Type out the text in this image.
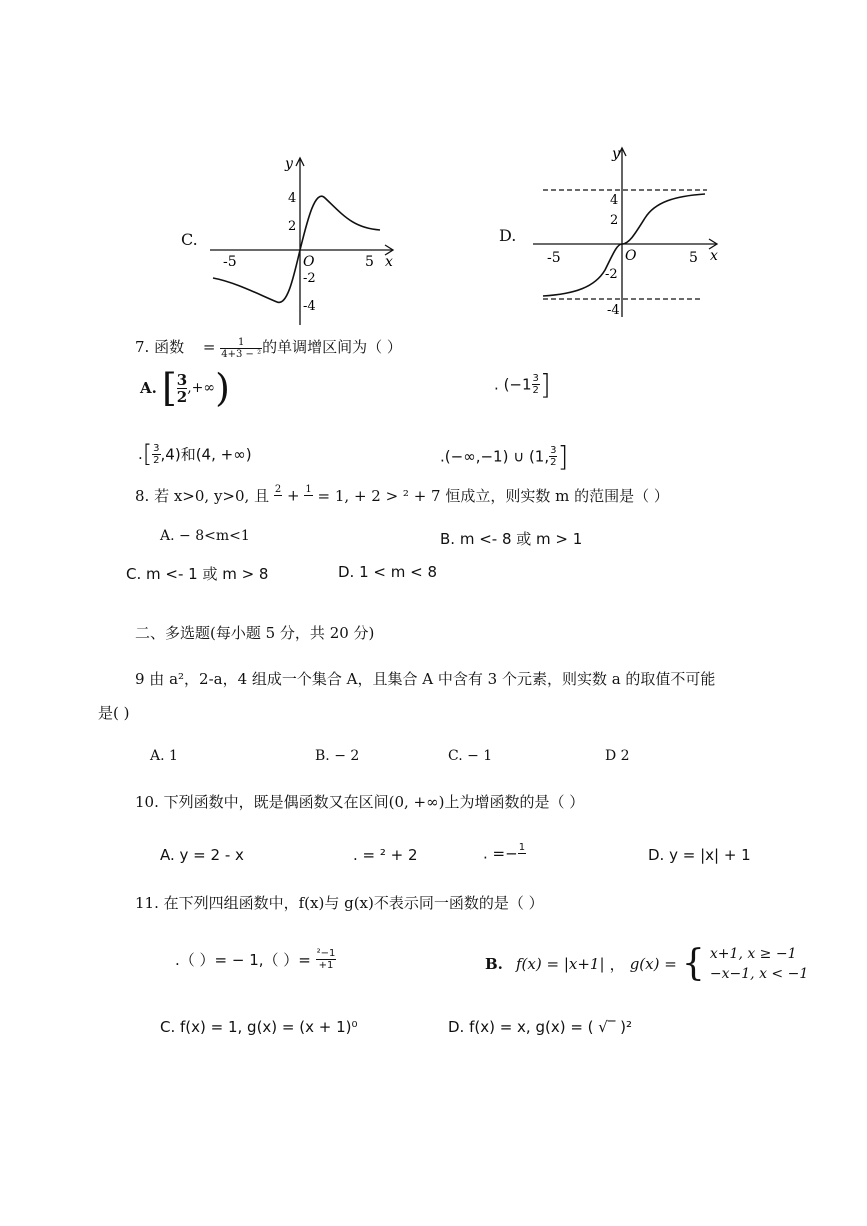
C.
-5	5 x
y
O
4
2
-2
-4
D.
-5	5 x
y
O
4
2
-2
-4
7. 函数 = $\frac{1}{\text{4+3 − ²}}$ 的单调增区间为（ ）
A. [ $\frac{3}{2}$ ,+∞)	. ($-1 \frac{3}{2}$ ]
.[ $\frac{3}{2} ,4$)和(4, +∞)	.(−∞,−1) ∪ (1, $\frac{3}{2}$ ]
8. 若 x>0, y>0, 且 2 + 1 = 1, + 2 > ² + 7 恒成立，则实数 m 的范围是（ ）
A. − 8<m<1	B. m <- 8 或 m > 1
C. m <- 1 或 m > 8	D. 1 < m < 8
二、多选题(每小题 5 分，共 20 分)
9 由 a²，2-a，4 组成一个集合 A，且集合 A 中含有 3 个元素，则实数 a 的取值不可能
是( )
A. 1	B. − 2	C. − 1	D 2
10. 下列函数中，既是偶函数又在区间(0, +∞)上为增函数的是（ ）
A. y = 2 - x	. = ² + 2	. =− 1	D. y = |x| + 1
11. 在下列四组函数中，f(x)与 g(x)不表示同一函数的是（ ）
.（ ）= − 1,（ ）= $\frac{\text{²−1}}{+1}$	B. f(x) = |x+1| ， g(x) = { x+1, x ≥ −1
−x−1, x < −1
C. f(x) = 1, g(x) = (x + 1)⁰	D. f(x) = x, g(x) = ( √‾ )²
